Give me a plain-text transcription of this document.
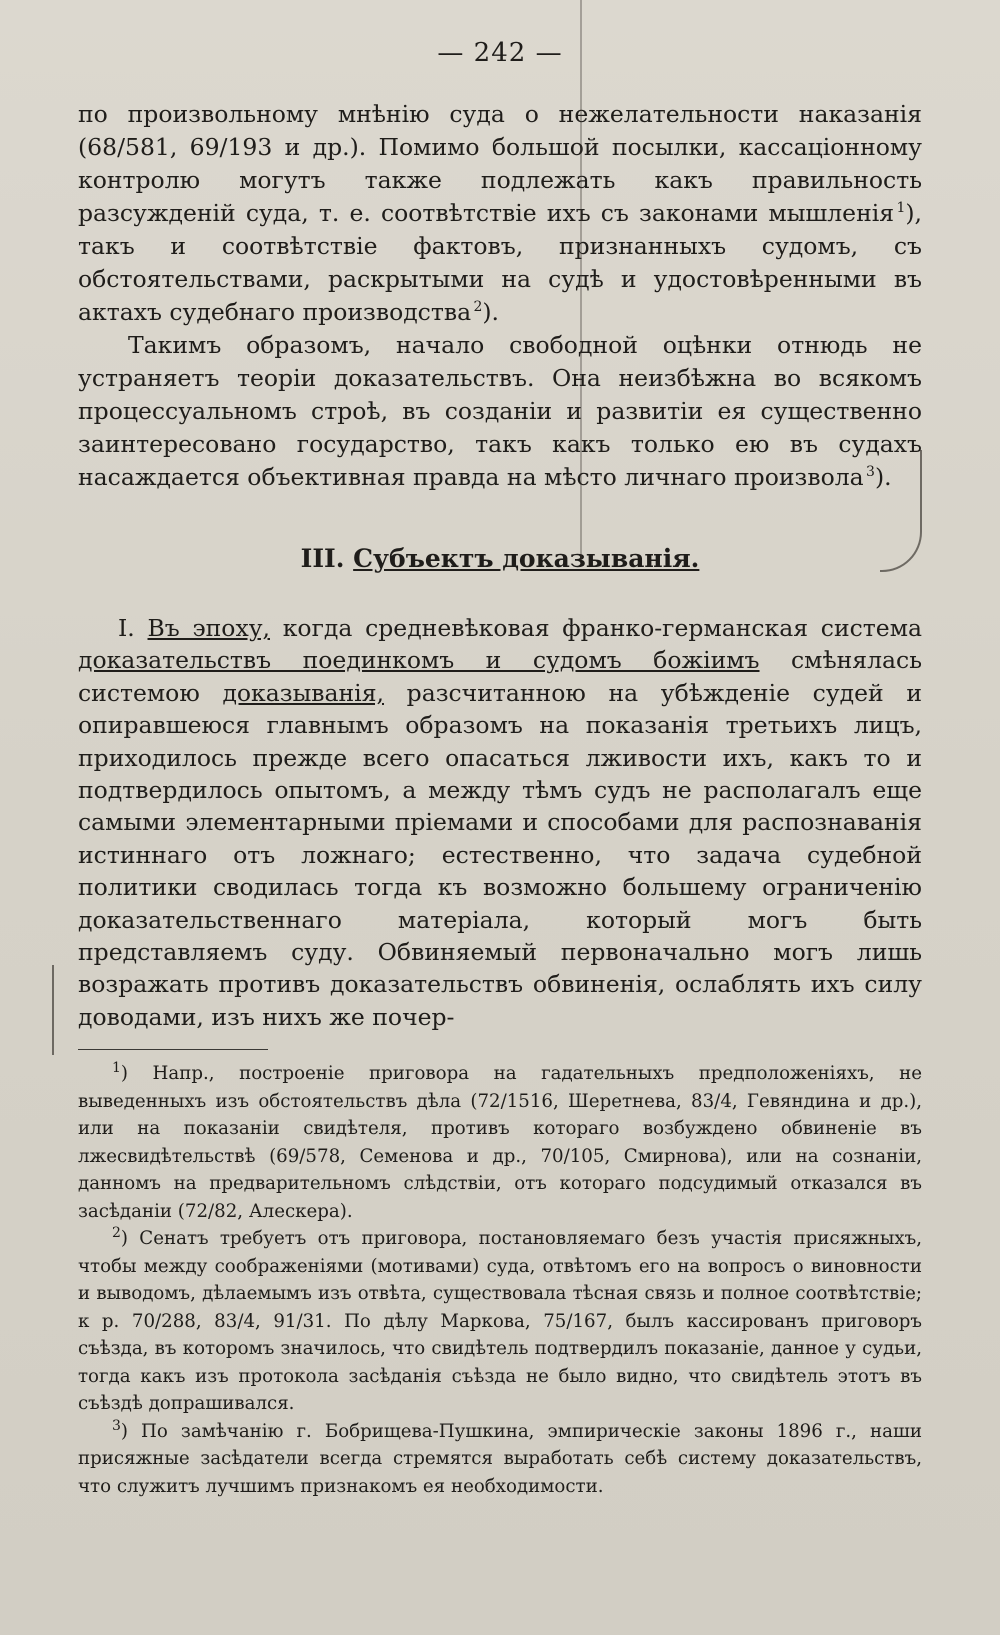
— 242 —

по произвольному мнѣнію суда о нежелательности наказанія (68/581, 69/193 и др.). Помимо большой посылки, кассаціонному контролю могутъ также подлежать какъ правильность разсужденій суда, т. е. соотвѣтствіе ихъ съ законами мышленія  $^1$), такъ и соотвѣтствіе фактовъ, признанныхъ судомъ, съ обстоятельствами, раскрытыми на судѣ и удостовѣренными въ актахъ судебнаго производства  $^2$).

Такимъ образомъ, начало свободной оцѣнки отнюдь не устраняетъ теоріи доказательствъ. Она неизбѣжна во всякомъ процессуальномъ строѣ, въ созданіи и развитіи ея существенно заинтересовано государство, такъ какъ только ею въ судахъ насаждается объективная правда на мѣсто личнаго произвола  $^3$).

III. Субъектъ доказыванія.

I. Въ эпоху, когда средневѣковая франко-германская система доказательствъ поединкомъ и судомъ божіимъ смѣнялась системою доказыванія, разсчитанною на убѣжденіе судей и опиравшеюся главнымъ образомъ на показанія третьихъ лицъ, приходилось прежде всего опасаться лживости ихъ, какъ то и подтвердилось опытомъ, а между тѣмъ судъ не располагалъ еще самыми элементарными пріемами и способами для распознаванія истиннаго отъ ложнаго; естественно, что задача судебной политики сводилась тогда къ возможно большему ограниченію доказательственнаго матеріала, который могъ быть представляемъ суду. Обвиняемый первоначально могъ лишь возражать противъ доказательствъ обвиненія, ослаблять ихъ силу доводами, изъ нихъ же почер-

$^1$) Напр., построеніе приговора на гадательныхъ предположеніяхъ, не выведенныхъ изъ обстоятельствъ дѣла (72/1516, Шеретнева, 83/4, Гевяндина и др.), или на показаніи свидѣтеля, противъ котораго возбуждено обвиненіе въ лжесвидѣтельствѣ (69/578, Семенова и др., 70/105, Смирнова), или на сознаніи, данномъ на предварительномъ слѣдствіи, отъ котораго подсудимый отказался въ засѣданіи (72/82, Алескера).

$^2$) Сенатъ требуетъ отъ приговора, постановляемаго безъ участія присяжныхъ, чтобы между соображеніями (мотивами) суда, отвѣтомъ его на вопросъ о виновности и выводомъ, дѣлаемымъ изъ отвѣта, существовала тѣсная связь и полное соотвѣтствіе; к р. 70/288, 83/4, 91/31. По дѣлу Маркова, 75/167, былъ кассированъ приговоръ съѣзда, въ которомъ значилось, что свидѣтель подтвердилъ показаніе, данное у судьи, тогда какъ изъ протокола засѣданія съѣзда не было видно, что свидѣтель этотъ въ съѣздѣ допрашивался.

$^3$) По замѣчанію г. Бобрищева-Пушкина, эмпирическіе законы 1896 г., наши присяжные засѣдатели всегда стремятся выработать себѣ систему доказательствъ, что служитъ лучшимъ признакомъ ея необходимости.
